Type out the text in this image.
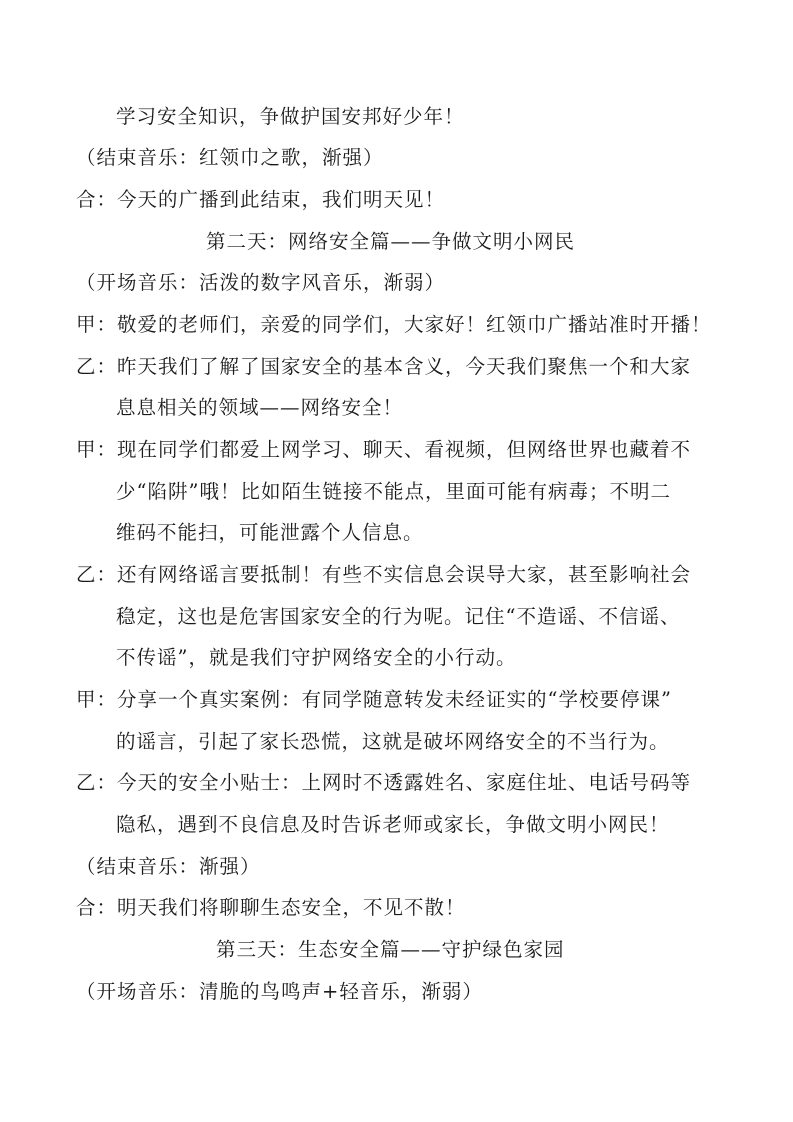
学习安全知识，争做护国安邦好少年！
（结束音乐：红领巾之歌，渐强）
合：今天的广播到此结束，我们明天见！
第二天：网络安全篇——争做文明小网民
（开场音乐：活泼的数字风音乐，渐弱）
甲：敬爱的老师们，亲爱的同学们，大家好！红领巾广播站准时开播！
乙：昨天我们了解了国家安全的基本含义，今天我们聚焦一个和大家
息息相关的领域——网络安全！
甲：现在同学们都爱上网学习、聊天、看视频，但网络世界也藏着不
少“陷阱”哦！比如陌生链接不能点，里面可能有病毒；不明二
维码不能扫，可能泄露个人信息。
乙：还有网络谣言要抵制！有些不实信息会误导大家，甚至影响社会
稳定，这也是危害国家安全的行为呢。记住“不造谣、不信谣、
不传谣”，就是我们守护网络安全的小行动。
甲：分享一个真实案例：有同学随意转发未经证实的“学校要停课”
的谣言，引起了家长恐慌，这就是破坏网络安全的不当行为。
乙：今天的安全小贴士：上网时不透露姓名、家庭住址、电话号码等
隐私，遇到不良信息及时告诉老师或家长，争做文明小网民！
（结束音乐：渐强）
合：明天我们将聊聊生态安全，不见不散！
第三天：生态安全篇——守护绿色家园
（开场音乐：清脆的鸟鸣声+轻音乐，渐弱）
